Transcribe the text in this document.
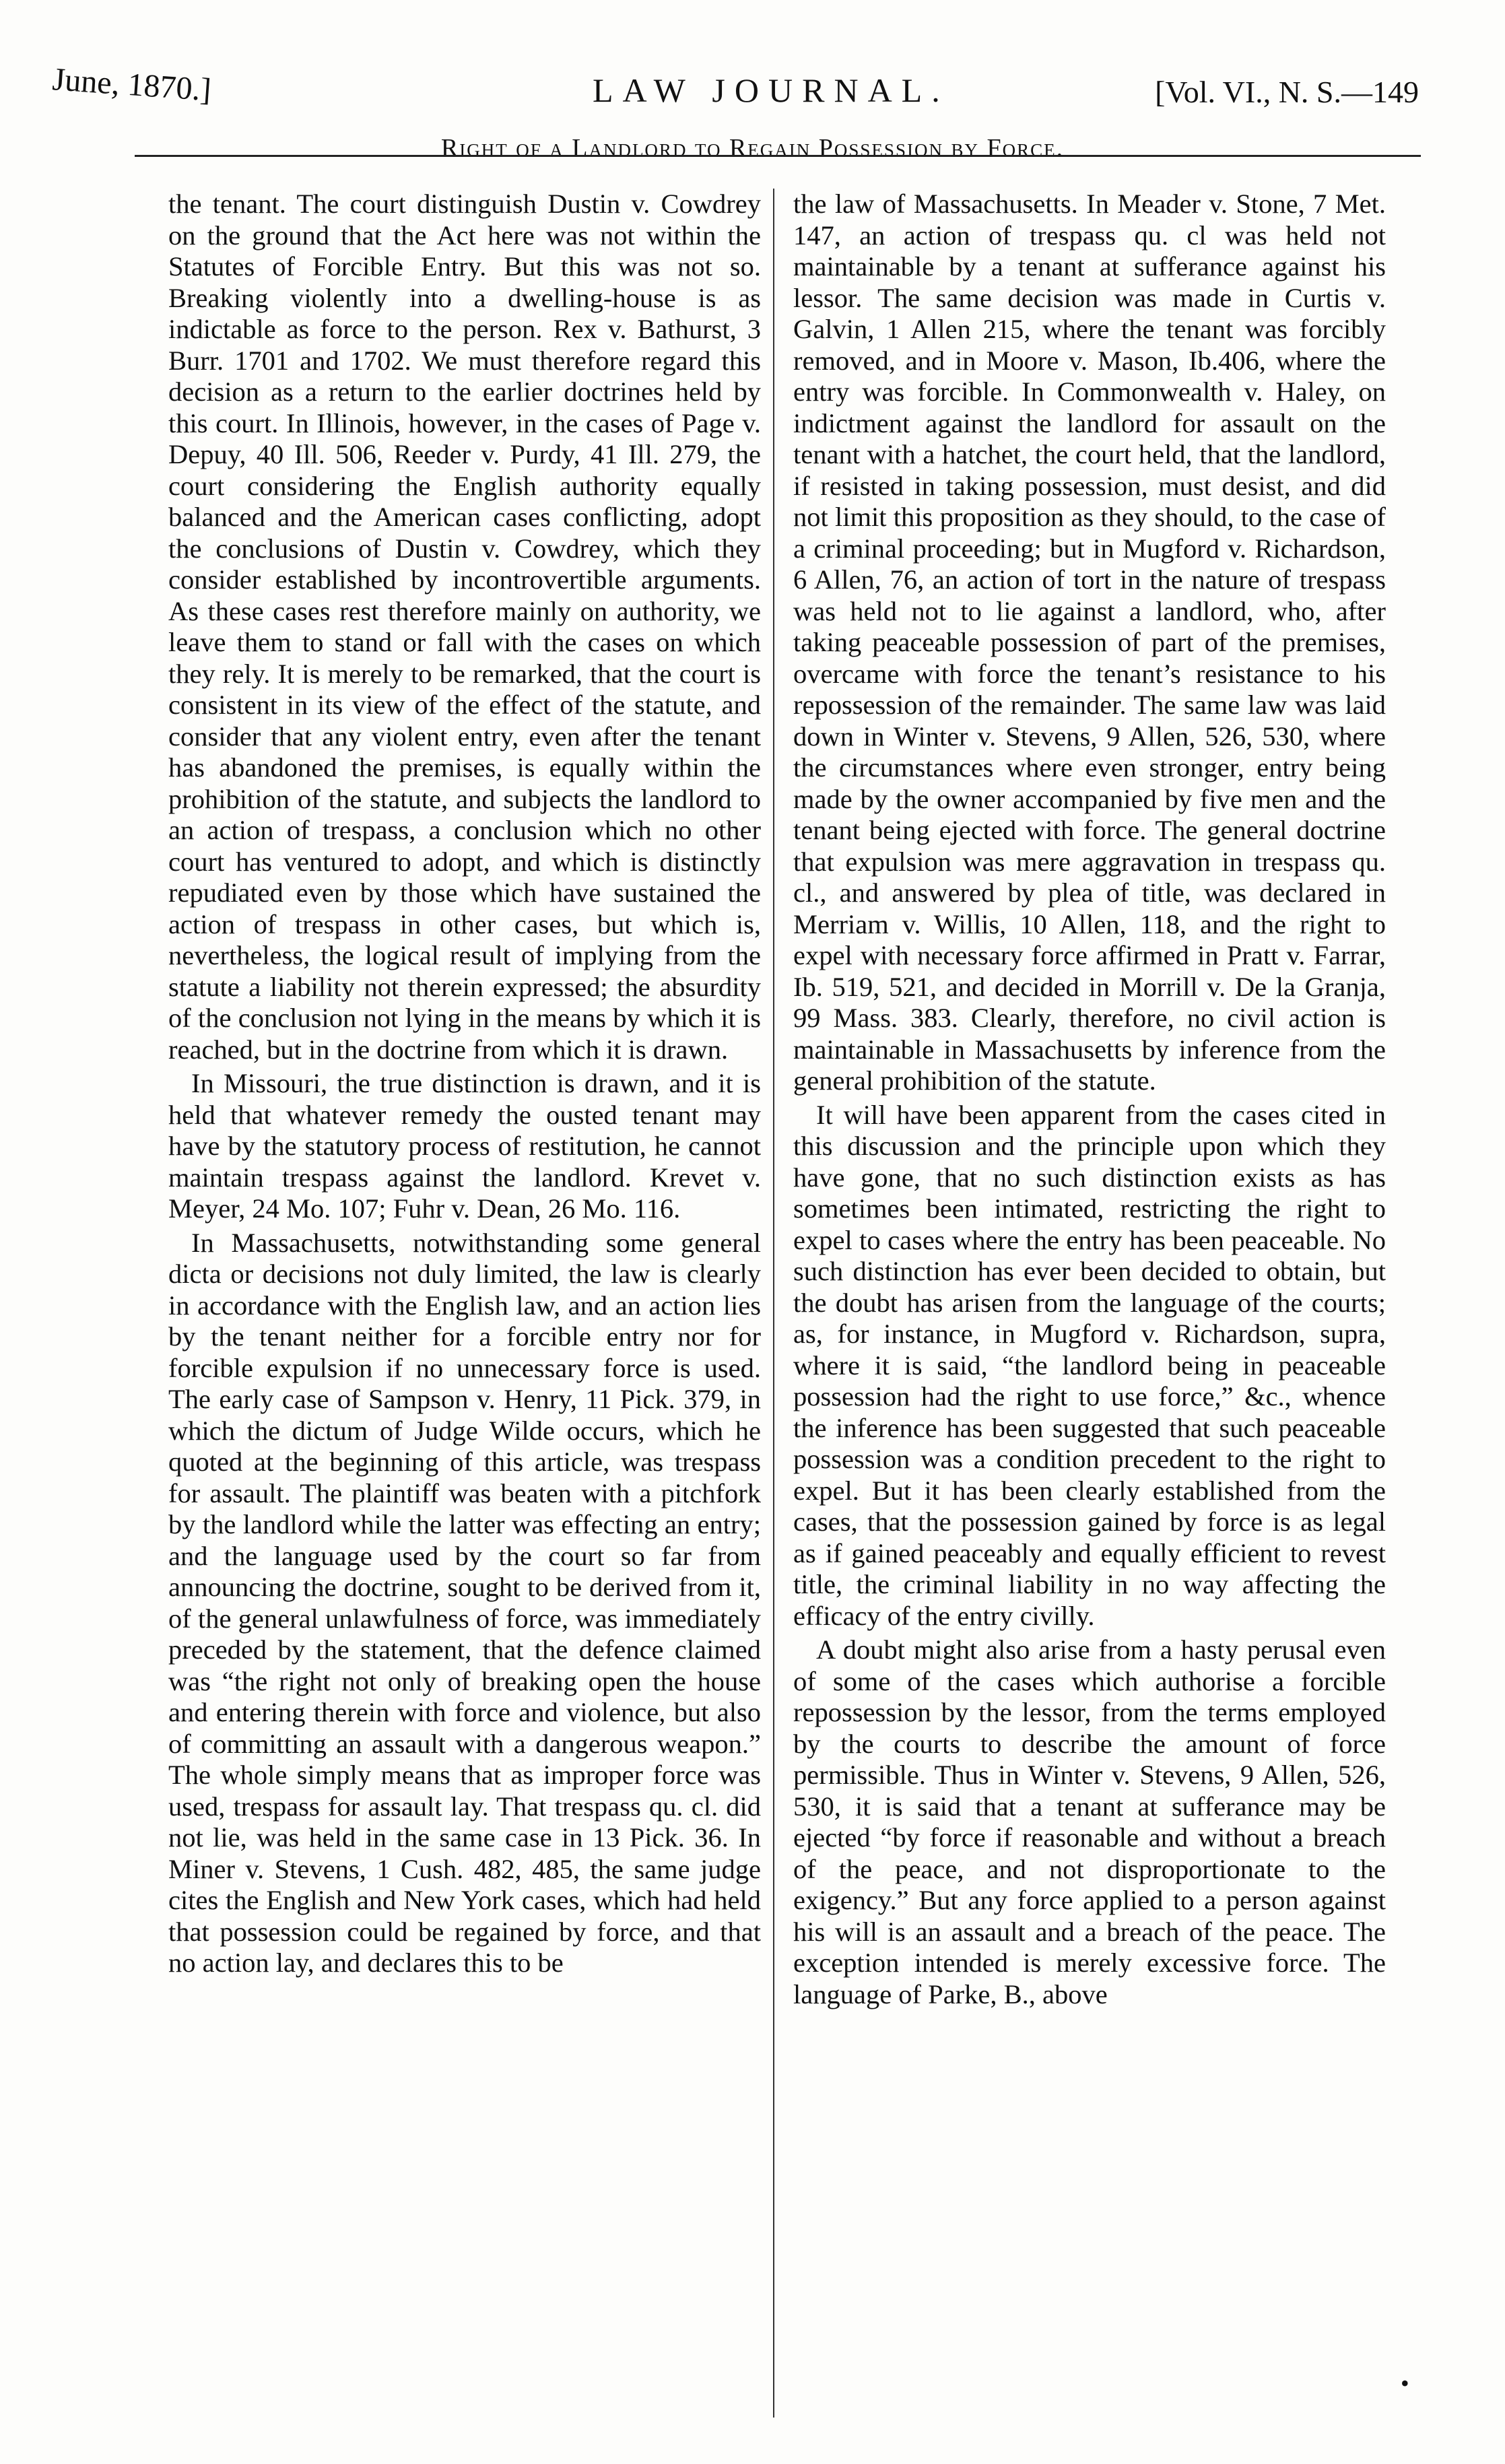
June, 1870.]	LAW JOURNAL.	[Vol. VI., N. S.—149
Right of a Landlord to Regain Possession by Force.

the tenant. The court distinguish Dustin v. Cowdrey on the ground that the Act here was not within the Statutes of Forcible Entry. But this was not so. Breaking violently into a dwelling-house is as indictable as force to the person. Rex v. Bathurst, 3 Burr. 1701 and 1702. We must therefore regard this decision as a return to the earlier doctrines held by this court. In Illinois, however, in the cases of Page v. Depuy, 40 Ill. 506, Reeder v. Purdy, 41 Ill. 279, the court considering the English authority equally balanced and the American cases conflicting, adopt the conclusions of Dustin v. Cowdrey, which they consider established by incontrovertible arguments. As these cases rest therefore mainly on authority, we leave them to stand or fall with the cases on which they rely. It is merely to be remarked, that the court is consistent in its view of the effect of the statute, and consider that any violent entry, even after the tenant has abandoned the premises, is equally within the prohibition of the statute, and subjects the landlord to an action of trespass, a conclusion which no other court has ventured to adopt, and which is distinctly repudiated even by those which have sustained the action of trespass in other cases, but which is, nevertheless, the logical result of implying from the statute a liability not therein expressed; the absurdity of the conclusion not lying in the means by which it is reached, but in the doctrine from which it is drawn.

In Missouri, the true distinction is drawn, and it is held that whatever remedy the ousted tenant may have by the statutory process of restitution, he cannot maintain trespass against the landlord. Krevet v. Meyer, 24 Mo. 107; Fuhr v. Dean, 26 Mo. 116.

In Massachusetts, notwithstanding some general dicta or decisions not duly limited, the law is clearly in accordance with the English law, and an action lies by the tenant neither for a forcible entry nor for forcible expulsion if no unnecessary force is used. The early case of Sampson v. Henry, 11 Pick. 379, in which the dictum of Judge Wilde occurs, which he quoted at the beginning of this article, was trespass for assault. The plaintiff was beaten with a pitchfork by the landlord while the latter was effecting an entry; and the language used by the court so far from announcing the doctrine, sought to be derived from it, of the general unlawfulness of force, was immediately preceded by the statement, that the defence claimed was “the right not only of breaking open the house and entering therein with force and violence, but also of committing an assault with a dangerous weapon.” The whole simply means that as improper force was used, trespass for assault lay. That trespass qu. cl. did not lie, was held in the same case in 13 Pick. 36. In Miner v. Stevens, 1 Cush. 482, 485, the same judge cites the English and New York cases, which had held that possession could be regained by force, and that no action lay, and declares this to be

the law of Massachusetts. In Meader v. Stone, 7 Met. 147, an action of trespass qu. cl was held not maintainable by a tenant at sufferance against his lessor. The same decision was made in Curtis v. Galvin, 1 Allen 215, where the tenant was forcibly removed, and in Moore v. Mason, Ib.406, where the entry was forcible. In Commonwealth v. Haley, on indictment against the landlord for assault on the tenant with a hatchet, the court held, that the landlord, if resisted in taking possession, must desist, and did not limit this proposition as they should, to the case of a criminal proceeding; but in Mugford v. Richardson, 6 Allen, 76, an action of tort in the nature of trespass was held not to lie against a landlord, who, after taking peaceable possession of part of the premises, overcame with force the tenant’s resistance to his repossession of the remainder. The same law was laid down in Winter v. Stevens, 9 Allen, 526, 530, where the circumstances where even stronger, entry being made by the owner accompanied by five men and the tenant being ejected with force. The general doctrine that expulsion was mere aggravation in trespass qu. cl., and answered by plea of title, was declared in Merriam v. Willis, 10 Allen, 118, and the right to expel with necessary force affirmed in Pratt v. Farrar, Ib. 519, 521, and decided in Morrill v. De la Granja, 99 Mass. 383. Clearly, therefore, no civil action is maintainable in Massachusetts by inference from the general prohibition of the statute.

It will have been apparent from the cases cited in this discussion and the principle upon which they have gone, that no such distinction exists as has sometimes been intimated, restricting the right to expel to cases where the entry has been peaceable. No such distinction has ever been decided to obtain, but the doubt has arisen from the language of the courts; as, for instance, in Mugford v. Richardson, supra, where it is said, “the landlord being in peaceable possession had the right to use force,” &c., whence the inference has been suggested that such peaceable possession was a condition precedent to the right to expel. But it has been clearly established from the cases, that the possession gained by force is as legal as if gained peaceably and equally efficient to revest title, the criminal liability in no way affecting the efficacy of the entry civilly.

A doubt might also arise from a hasty perusal even of some of the cases which authorise a forcible repossession by the lessor, from the terms employed by the courts to describe the amount of force permissible. Thus in Winter v. Stevens, 9 Allen, 526, 530, it is said that a tenant at sufferance may be ejected “by force if reasonable and without a breach of the peace, and not disproportionate to the exigency.” But any force applied to a person against his will is an assault and a breach of the peace. The exception intended is merely excessive force. The language of Parke, B., above

•
